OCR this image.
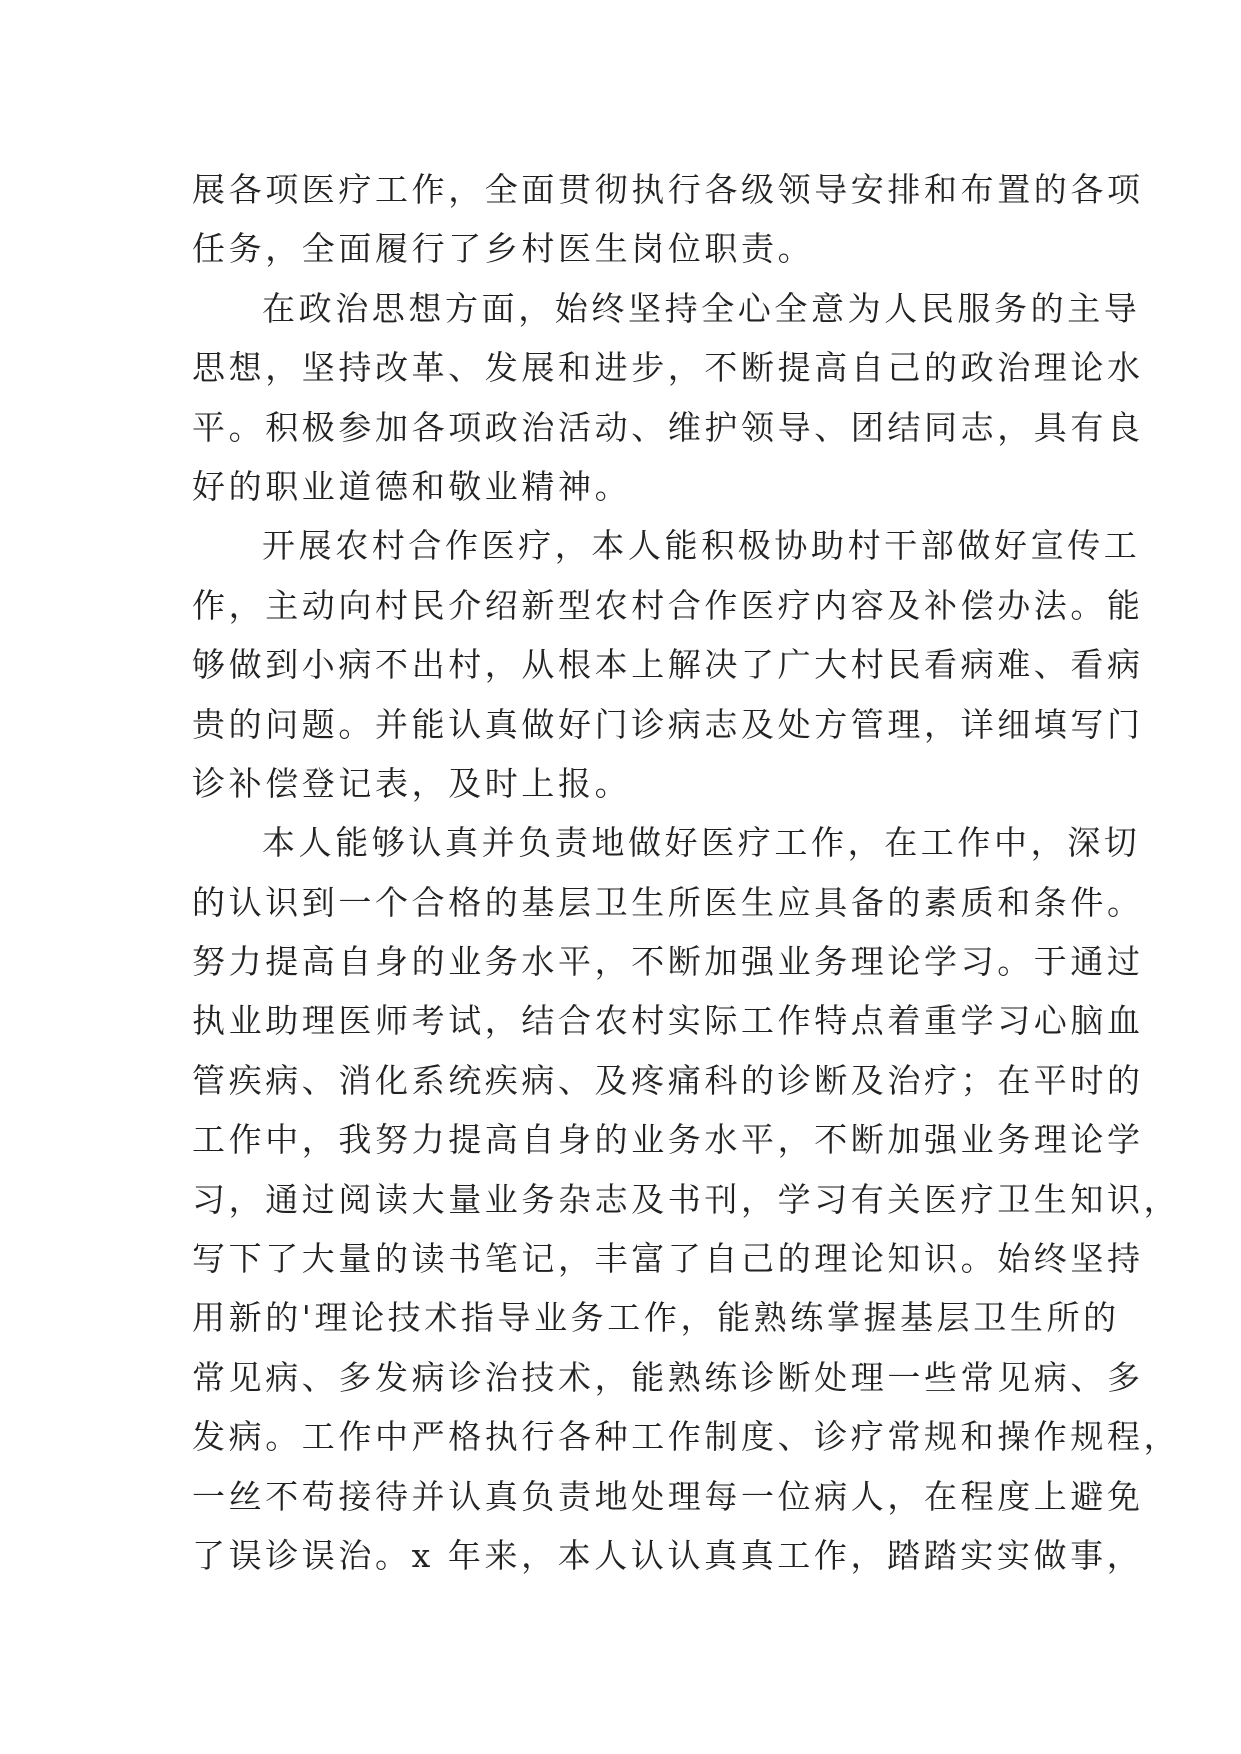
展各项医疗工作，全面贯彻执行各级领导安排和布置的各项
任务，全面履行了乡村医生岗位职责。
在政治思想方面，始终坚持全心全意为人民服务的主导
思想，坚持改革、发展和进步，不断提高自己的政治理论水
平。积极参加各项政治活动、维护领导、团结同志，具有良
好的职业道德和敬业精神。
开展农村合作医疗，本人能积极协助村干部做好宣传工
作，主动向村民介绍新型农村合作医疗内容及补偿办法。能
够做到小病不出村，从根本上解决了广大村民看病难、看病
贵的问题。并能认真做好门诊病志及处方管理，详细填写门
诊补偿登记表，及时上报。
本人能够认真并负责地做好医疗工作，在工作中，深切
的认识到一个合格的基层卫生所医生应具备的素质和条件。
努力提高自身的业务水平，不断加强业务理论学习。于通过
执业助理医师考试，结合农村实际工作特点着重学习心脑血
管疾病、消化系统疾病、及疼痛科的诊断及治疗；在平时的
工作中，我努力提高自身的业务水平，不断加强业务理论学
习，通过阅读大量业务杂志及书刊，学习有关医疗卫生知识，
写下了大量的读书笔记，丰富了自己的理论知识。始终坚持
用新的'理论技术指导业务工作，能熟练掌握基层卫生所的
常见病、多发病诊治技术，能熟练诊断处理一些常见病、多
发病。工作中严格执行各种工作制度、诊疗常规和操作规程，
一丝不苟接待并认真负责地处理每一位病人，在程度上避免
了误诊误治。x 年来，本人认认真真工作，踏踏实实做事，
